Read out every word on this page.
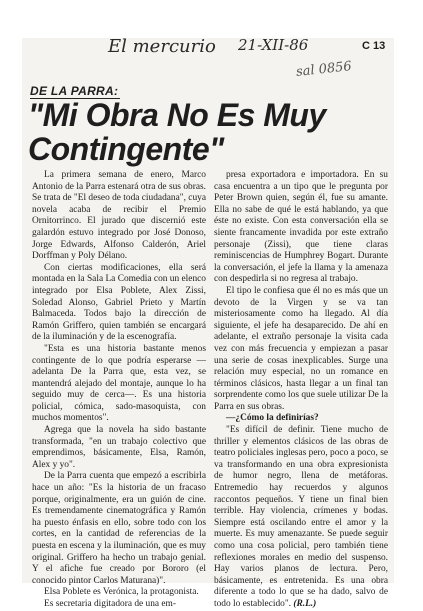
El mercurio 21-XII-86	C 13
sal 0856
DE LA PARRA:
"Mi Obra No Es Muy Contingente"

La primera semana de enero, Marco Antonio de la Parra estenará otra de sus obras. Se trata de "El deseo de toda ciudadana", cuya novela acaba de recibir el Premio Ornitorrinco. El jurado que discernió este galardón estuvo integrado por José Donoso, Jorge Edwards, Alfonso Calderón, Ariel Dorffman y Poly Délano.

Con ciertas modificaciones, ella será montada en la Sala La Comedia con un elenco integrado por Elsa Poblete, Alex Zissi, Soledad Alonso, Gabriel Prieto y Martín Balmaceda. Todos bajo la dirección de Ramón Griffero, quien también se encargará de la iluminación y de la escenografía.

"Esta es una historia bastante menos contingente de lo que podría esperarse —adelanta De la Parra que, esta vez, se mantendrá alejado del montaje, aunque lo ha seguido muy de cerca—. Es una historia policial, cómica, sado-masoquista, con muchos momentos".

Agrega que la novela ha sido bastante transformada, "en un trabajo colectivo que emprendimos, básicamente, Elsa, Ramón, Alex y yo".

De la Parra cuenta que empezó a escribirla hace un año: "Es la historia de un fracaso porque, originalmente, era un guión de cine. Es tremendamente cinematográfica y Ramón ha puesto énfasis en ello, sobre todo con los cortes, en la cantidad de referencias de la puesta en escena y la iluminación, que es muy original. Griffero ha hecho un trabajo genial. Y el afiche fue creado por Bororo (el conocido pintor Carlos Maturana)".

Elsa Poblete es Verónica, la protagonista.

Es secretaria digitadora de una em-

presa exportadora e importadora. En su casa encuentra a un tipo que le pregunta por Peter Brown quien, según él, fue su amante. Ella no sabe de qué le está hablando, ya que éste no existe. Con esta conversación ella se siente francamente invadida por este extraño personaje (Zissi), que tiene claras reminiscencias de Humphrey Bogart. Durante la conversación, el jefe la llama y la amenaza con despedirla si no regresa al trabajo.

El tipo le confiesa que él no es más que un devoto de la Virgen y se va tan misteriosamente como ha llegado. Al día siguiente, el jefe ha desaparecido. De ahí en adelante, el extraño personaje la visita cada vez con más frecuencia y empiezan a pasar una serie de cosas inexplicables. Surge una relación muy especial, no un romance en términos clásicos, hasta llegar a un final tan sorprendente como los que suele utilizar De la Parra en sus obras.

—¿Cómo la definirías?

"Es difícil de definir. Tiene mucho de thriller y elementos clásicos de las obras de teatro policiales inglesas pero, poco a poco, se va transformando en una obra expresionista de humor negro, llena de metáforas. Entremedio hay recuerdos y algunos raccontos pequeños. Y tiene un final bien terrible. Hay violencia, crímenes y bodas. Siempre está oscilando entre el amor y la muerte. Es muy amenazante. Se puede seguir como una cosa policial, pero también tiene reflexiones morales en medio del suspenso. Hay varios planos de lectura. Pero, básicamente, es entretenida. Es una obra diferente a todo lo que se ha dado, salvo de todo lo establecido". (R.L.)
